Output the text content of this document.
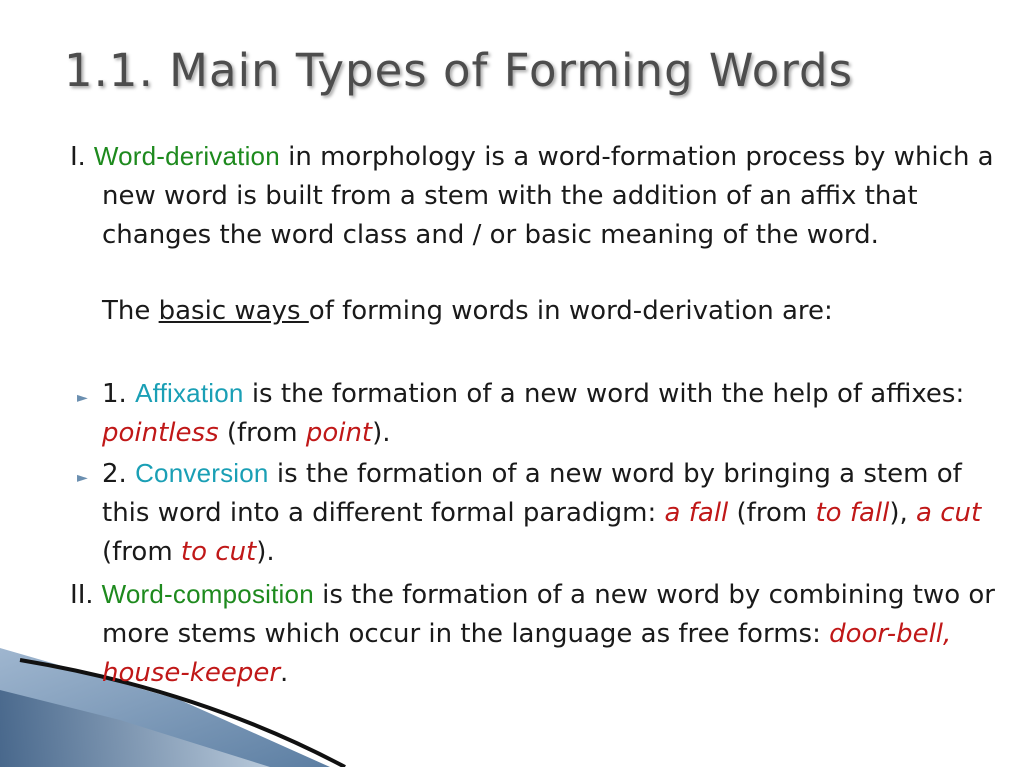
1.1. Main Types of Forming Words

I. Word-derivation in morphology is a word-formation process by which a new word is built from a stem with the addition of an affix that changes the word class and / or basic meaning of the word.

The basic ways of forming words in word-derivation are:

► 1. Affixation is the formation of a new word with the help of affixes: pointless (from point).

► 2. Conversion is the formation of a new word by bringing a stem of this word into a different formal paradigm: a fall (from to fall), a cut (from to cut).

II. Word-composition is the formation of a new word by combining two or more stems which occur in the language as free forms: door-bell, house-keeper.
